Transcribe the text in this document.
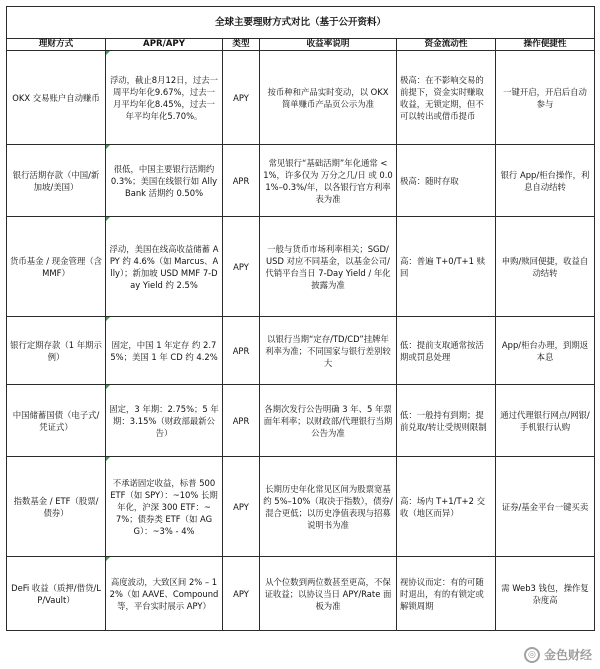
全球主要理财方式对比（基于公开资料）
理财方式	APR/APY	类型	收益率说明	资金流动性	操作便捷性
OKX 交易账户自动赚币	浮动，截止8月12日，过去一周平均年化9.67%，过去一月平均年化8.45%，过去一年平均年化5.70%。	APY	按币种和产品实时变动，以 OKX 简单赚币产品页公示为准	极高：在不影响交易的前提下，资金实时赚取收益，无锁定期，但不可以转出或借币提币	一键开启，开启后自动参与
银行活期存款（中国/新加坡/美国）	很低，中国主要银行活期约 0.3%；美国在线银行如 Ally Bank 活期约 0.50%	APR	常见银行“基础活期”年化通常 <1%，许多仅为 万分之几/日 或 0.01%–0.3%/年，以各银行官方利率表为准	极高：随时存取	银行 App/柜台操作，利息自动结转
货币基金 / 现金管理（含 MMF）	浮动，美国在线高收益储蓄 APY 约 4.6%（如 Marcus、Ally）；新加坡 USD MMF 7-Day Yield 约 2.5%	APY	一般与货币市场利率相关；SGD/ USD 对应不同基金，以基金公司/代销平台当日 7-Day Yield / 年化披露为准	高：普遍 T+0/T+1 赎回	申购/赎回便捷，收益自动结转
银行定期存款（1 年期示例）	固定，中国 1 年定存 约 2.75%；美国 1 年 CD 约 4.2%	APR	以银行当期“定存/TD/CD”挂牌年利率为准；不同国家与银行差别较大	低：提前支取通常按活期或罚息处理	App/柜台办理，到期返本息
中国储蓄国债（电子式/凭证式）	固定，3 年期：2.75%；5 年期：3.15%（财政部最新公告）	APR	各期次发行公告明确 3 年、5 年票面年利率；以财政部/代理银行当期公告为准	低：一般持有到期；提前兑取/转让受规则限制	通过代理银行网点/网银/手机银行认购
指数基金 / ETF（股票/债券）	不承诺固定收益，标普 500 ETF（如 SPY）：~10% 长期年化，沪深 300 ETF：~7%；债券类 ETF（如 AGG）：~3% - 4%	APY	长期历史年化常见区间为股票宽基约 5%–10%（取决于指数），债券/混合更低；以历史净值表现与招募说明书为准	高：场内 T+1/T+2 交收（地区而异）	证券/基金平台一键买卖
DeFi 收益（质押/借贷/LP/Vault）	高度波动，大致区间 2% – 12%（如 AAVE、Compound 等，平台实时展示 APY）	APY	从个位数到两位数甚至更高，不保证收益；以协议当日 APY/Rate 面板为准	视协议而定：有的可随时退出，有的有锁定或解锁周期	需 Web3 钱包，操作复杂度高
◎ 金色财经
